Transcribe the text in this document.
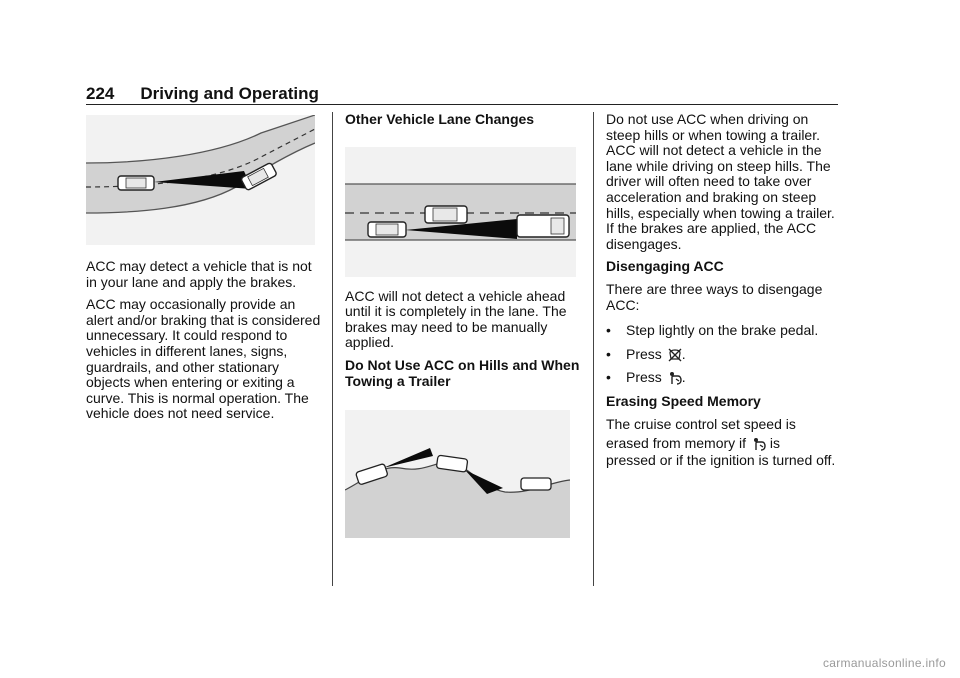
224 Driving and Operating

ACC may detect a vehicle that is not in your lane and apply the brakes.

ACC may occasionally provide an alert and/or braking that is considered unnecessary. It could respond to vehicles in different lanes, signs, guardrails, and other stationary objects when entering or exiting a curve. This is normal operation. The vehicle does not need service.

Other Vehicle Lane Changes

ACC will not detect a vehicle ahead until it is completely in the lane. The brakes may need to be manually applied.

Do Not Use ACC on Hills and When Towing a Trailer

Do not use ACC when driving on steep hills or when towing a trailer. ACC will not detect a vehicle in the lane while driving on steep hills. The driver will often need to take over acceleration and braking on steep hills, especially when towing a trailer. If the brakes are applied, the ACC disengages.

Disengaging ACC

There are three ways to disengage ACC:

•	Step lightly on the brake pedal.
•	Press .
•	Press .
Erasing Speed Memory

The cruise control set speed is

erased from memory if is

pressed or if the ignition is turned off.

carmanualsonline.info
